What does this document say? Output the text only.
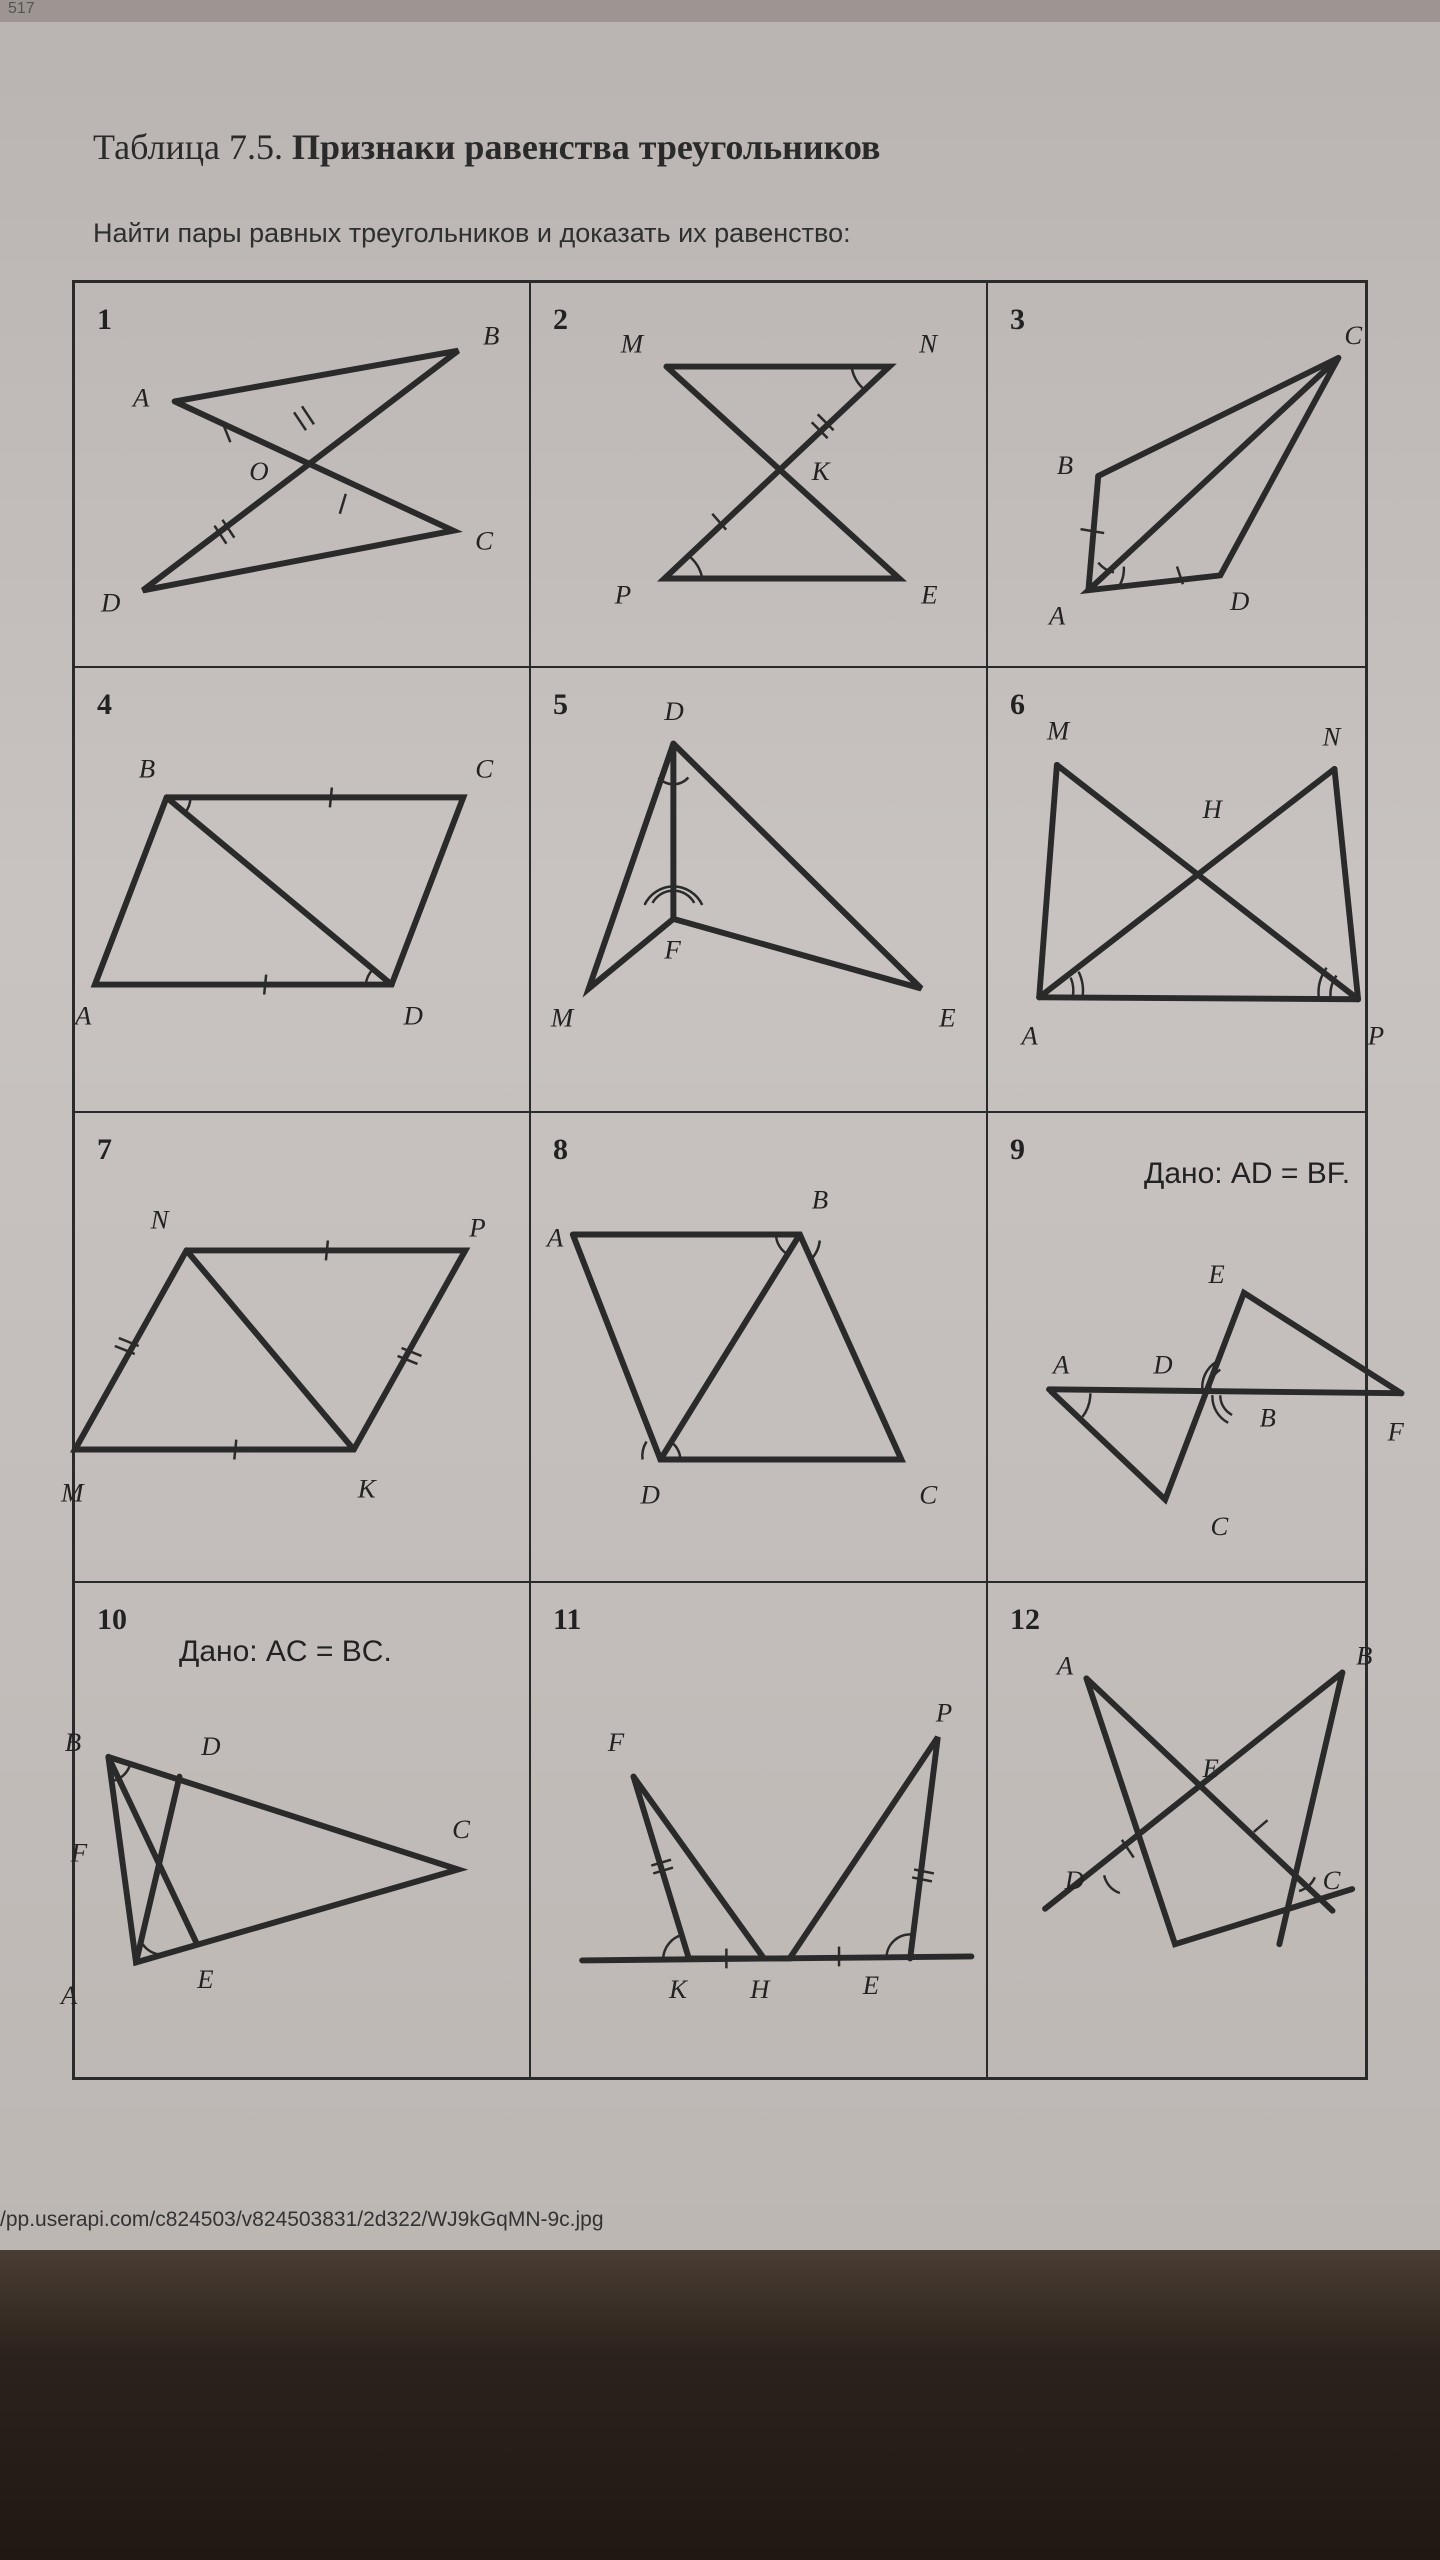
517
Таблица 7.5. Признаки равенства треугольников
Найти пары равных треугольников и доказать их равенство:
1
A
B
O
C
D
2
M	N
K
P	E
3
B
C
A	D
4
B	C
A	D
5	D
F
M	E
6
M	N
H
A	P
7
N	P
M	K
8
A
B
D	C
9
Дано: AD = BF.
A	D
E
B	F
C
10
Дано: AC = BC.
B	D
C
F
E
A
11
F
P
K H	E
12
A	B
E
D	C
/pp.userapi.com/c824503/v824503831/2d322/WJ9kGqMN-9c.jpg
